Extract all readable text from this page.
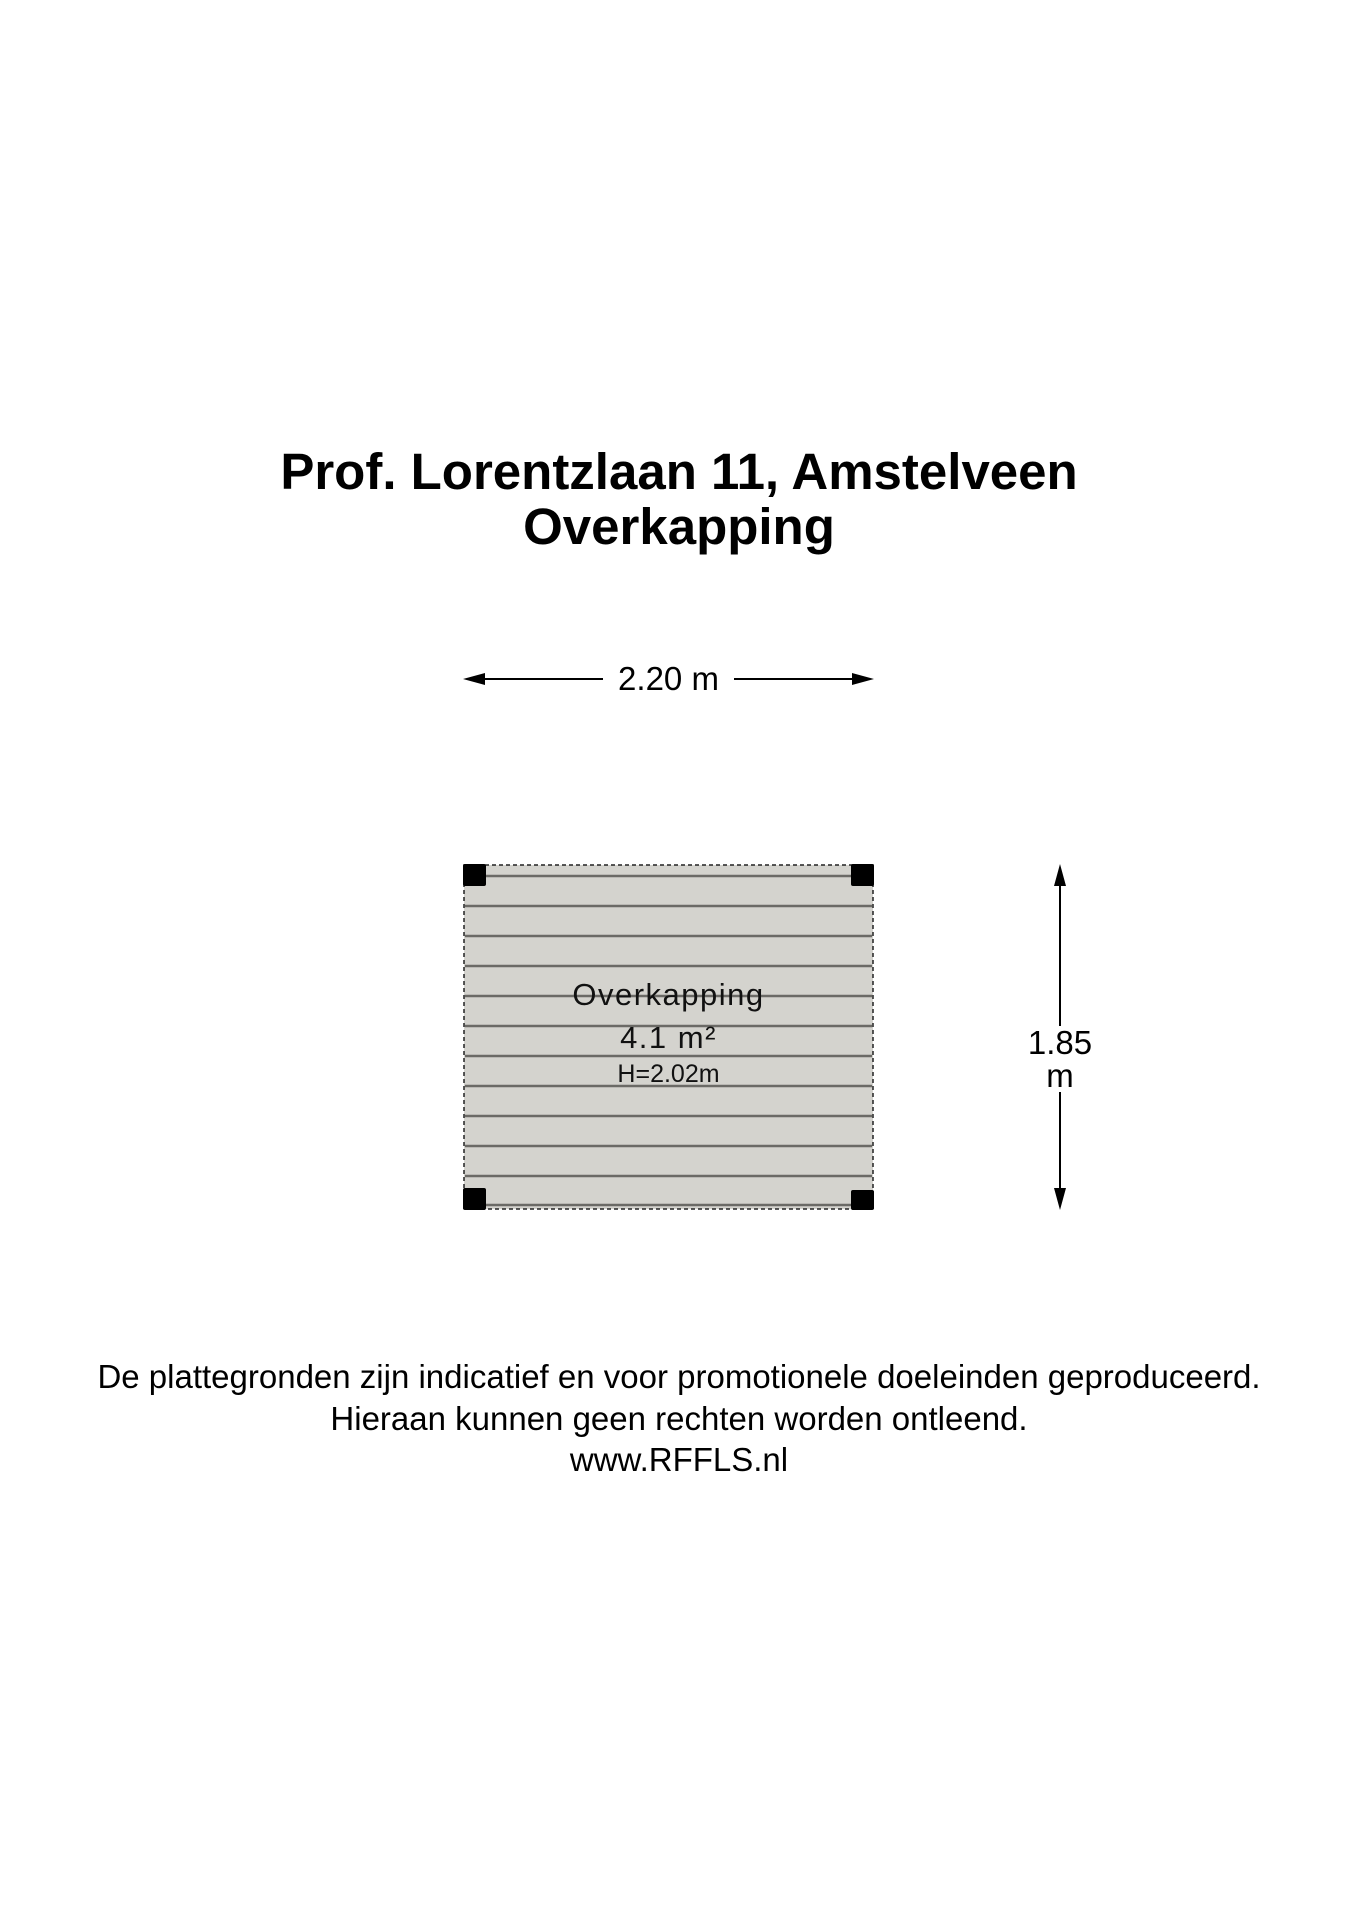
Prof. Lorentzlaan 11, Amstelveen
Overkapping
2.20 m
Overkapping
4.1 m²
H=2.02m
1.85 m
De plattegronden zijn indicatief en voor promotionele doeleinden geproduceerd.
Hieraan kunnen geen rechten worden ontleend.
www.RFFLS.nl
